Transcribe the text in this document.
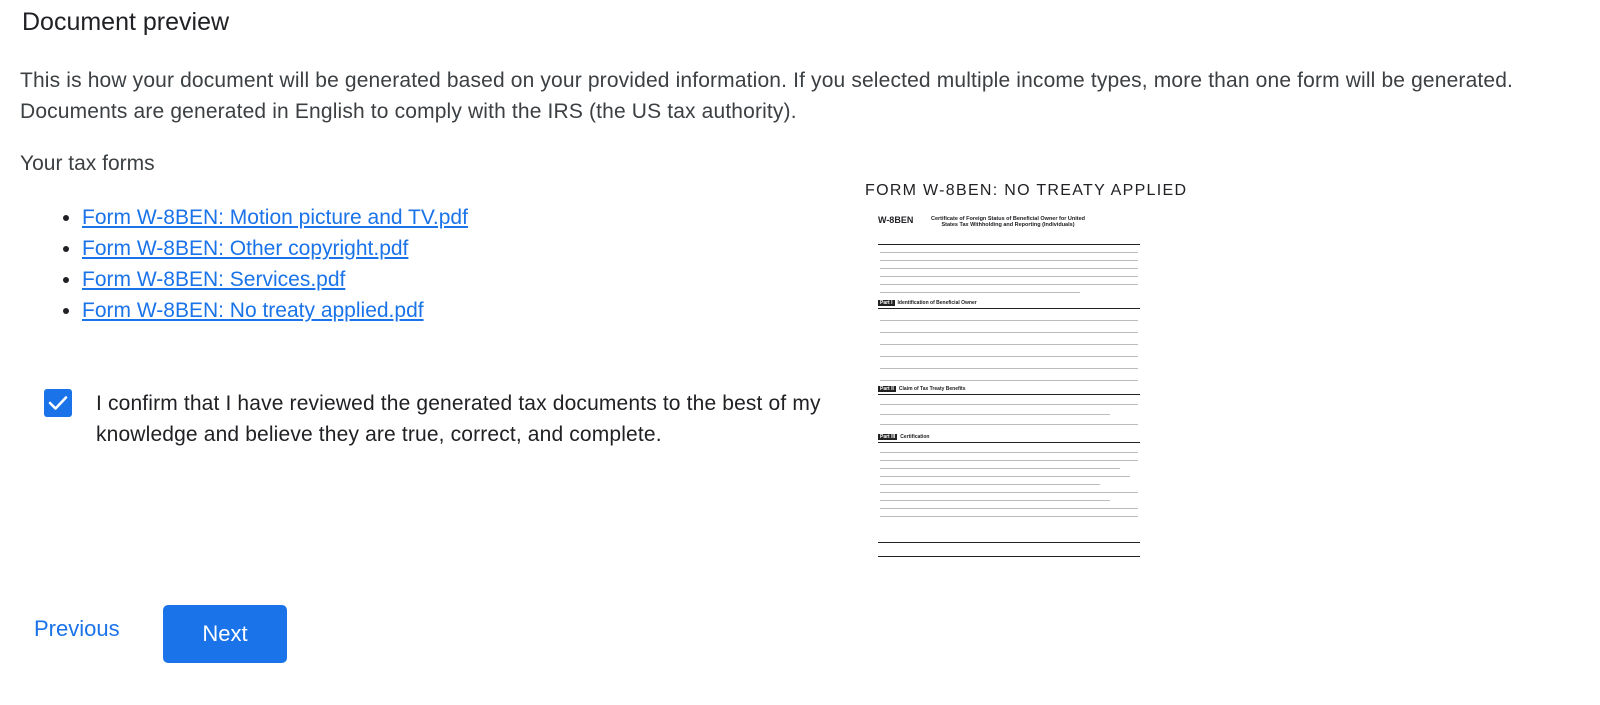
Document preview
This is how your document will be generated based on your provided information. If you selected multiple income types, more than one form will be generated. Documents are generated in English to comply with the IRS (the US tax authority).
Your tax forms
• Form W-8BEN: Motion picture and TV.pdf
• Form W-8BEN: Other copyright.pdf
• Form W-8BEN: Services.pdf
• Form W-8BEN: No treaty applied.pdf
I confirm that I have reviewed the generated tax documents to the best of my knowledge and believe they are true, correct, and complete.
FORM W-8BEN: NO TREATY APPLIED
W-8BEN	Certificate of Foreign Status of Beneficial Owner for United States Tax Withholding and Reporting (Individuals)
Part I Identification of Beneficial Owner
Part II Claim of Tax Treaty Benefits
Part III Certification
Previous	Next
